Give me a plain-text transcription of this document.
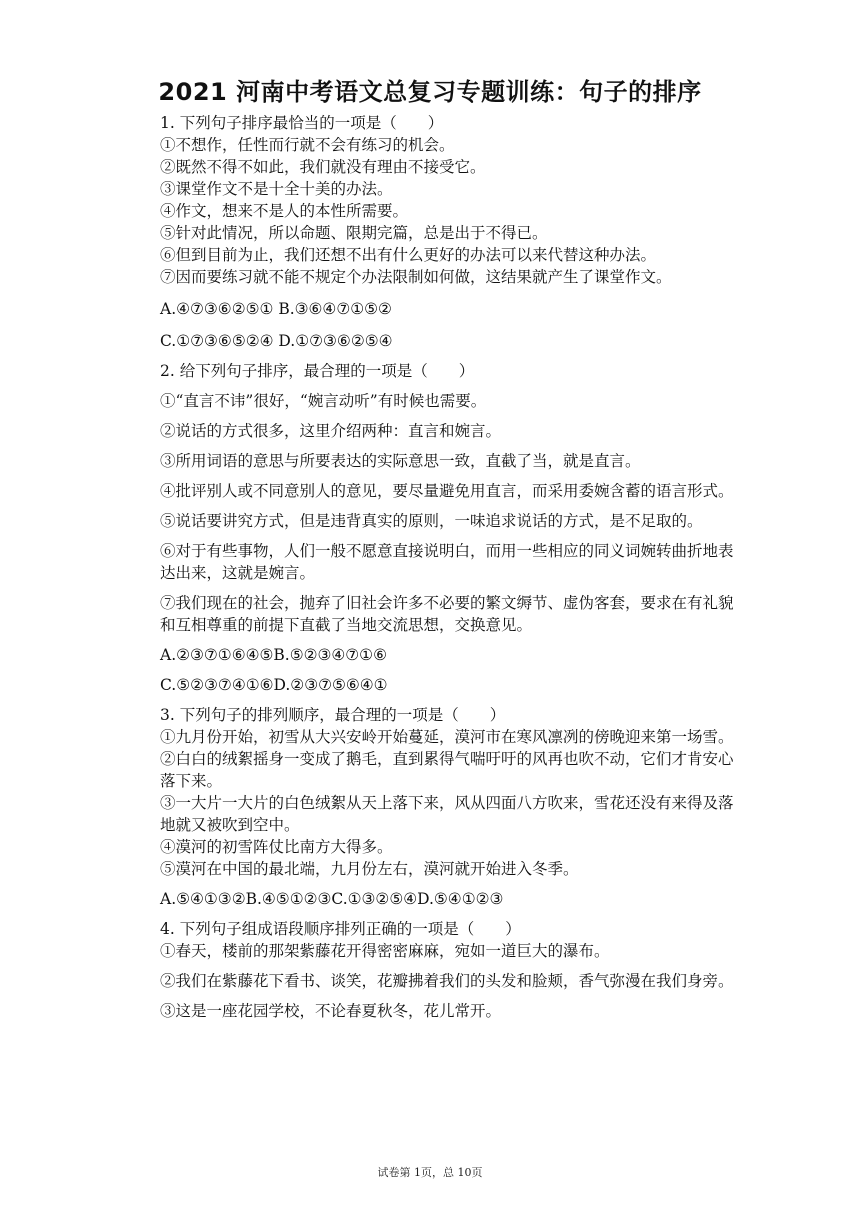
2021 河南中考语文总复习专题训练：句子的排序

1. 下列句子排序最恰当的一项是（　　）

①不想作，任性而行就不会有练习的机会。

②既然不得不如此，我们就没有理由不接受它。

③课堂作文不是十全十美的办法。

④作文，想来不是人的本性所需要。

⑤针对此情况，所以命题、限期完篇，总是出于不得已。

⑥但到目前为止，我们还想不出有什么更好的办法可以来代替这种办法。

⑦因而要练习就不能不规定个办法限制如何做，这结果就产生了课堂作文。

A.④⑦③⑥②⑤① B.③⑥④⑦①⑤②

C.①⑦③⑥⑤②④ D.①⑦③⑥②⑤④

2. 给下列句子排序，最合理的一项是（　　）

①“直言不讳”很好，“婉言动听”有时候也需要。

②说话的方式很多，这里介绍两种：直言和婉言。

③所用词语的意思与所要表达的实际意思一致，直截了当，就是直言。

④批评别人或不同意别人的意见，要尽量避免用直言，而采用委婉含蓄的语言形式。

⑤说话要讲究方式，但是违背真实的原则，一味追求说话的方式，是不足取的。

⑥对于有些事物，人们一般不愿意直接说明白，而用一些相应的同义词婉转曲折地表达出来，这就是婉言。

⑦我们现在的社会，抛弃了旧社会许多不必要的繁文缛节、虚伪客套，要求在有礼貌和互相尊重的前提下直截了当地交流思想，交换意见。

A.②③⑦①⑥④⑤B.⑤②③④⑦①⑥

C.⑤②③⑦④①⑥D.②③⑦⑤⑥④①

3. 下列句子的排列顺序，最合理的一项是（　　）

①九月份开始，初雪从大兴安岭开始蔓延，漠河市在寒风凛冽的傍晚迎来第一场雪。

②白白的绒絮摇身一变成了鹅毛，直到累得气喘吁吁的风再也吹不动，它们才肯安心落下来。

③一大片一大片的白色绒絮从天上落下来，风从四面八方吹来，雪花还没有来得及落地就又被吹到空中。

④漠河的初雪阵仗比南方大得多。

⑤漠河在中国的最北端，九月份左右，漠河就开始进入冬季。

A.⑤④①③②B.④⑤①②③C.①③②⑤④D.⑤④①②③

4. 下列句子组成语段顺序排列正确的一项是（　　）

①春天，楼前的那架紫藤花开得密密麻麻，宛如一道巨大的瀑布。

②我们在紫藤花下看书、谈笑，花瓣拂着我们的头发和脸颊，香气弥漫在我们身旁。

③这是一座花园学校，不论春夏秋冬，花儿常开。

试卷第 1页，总 10页
